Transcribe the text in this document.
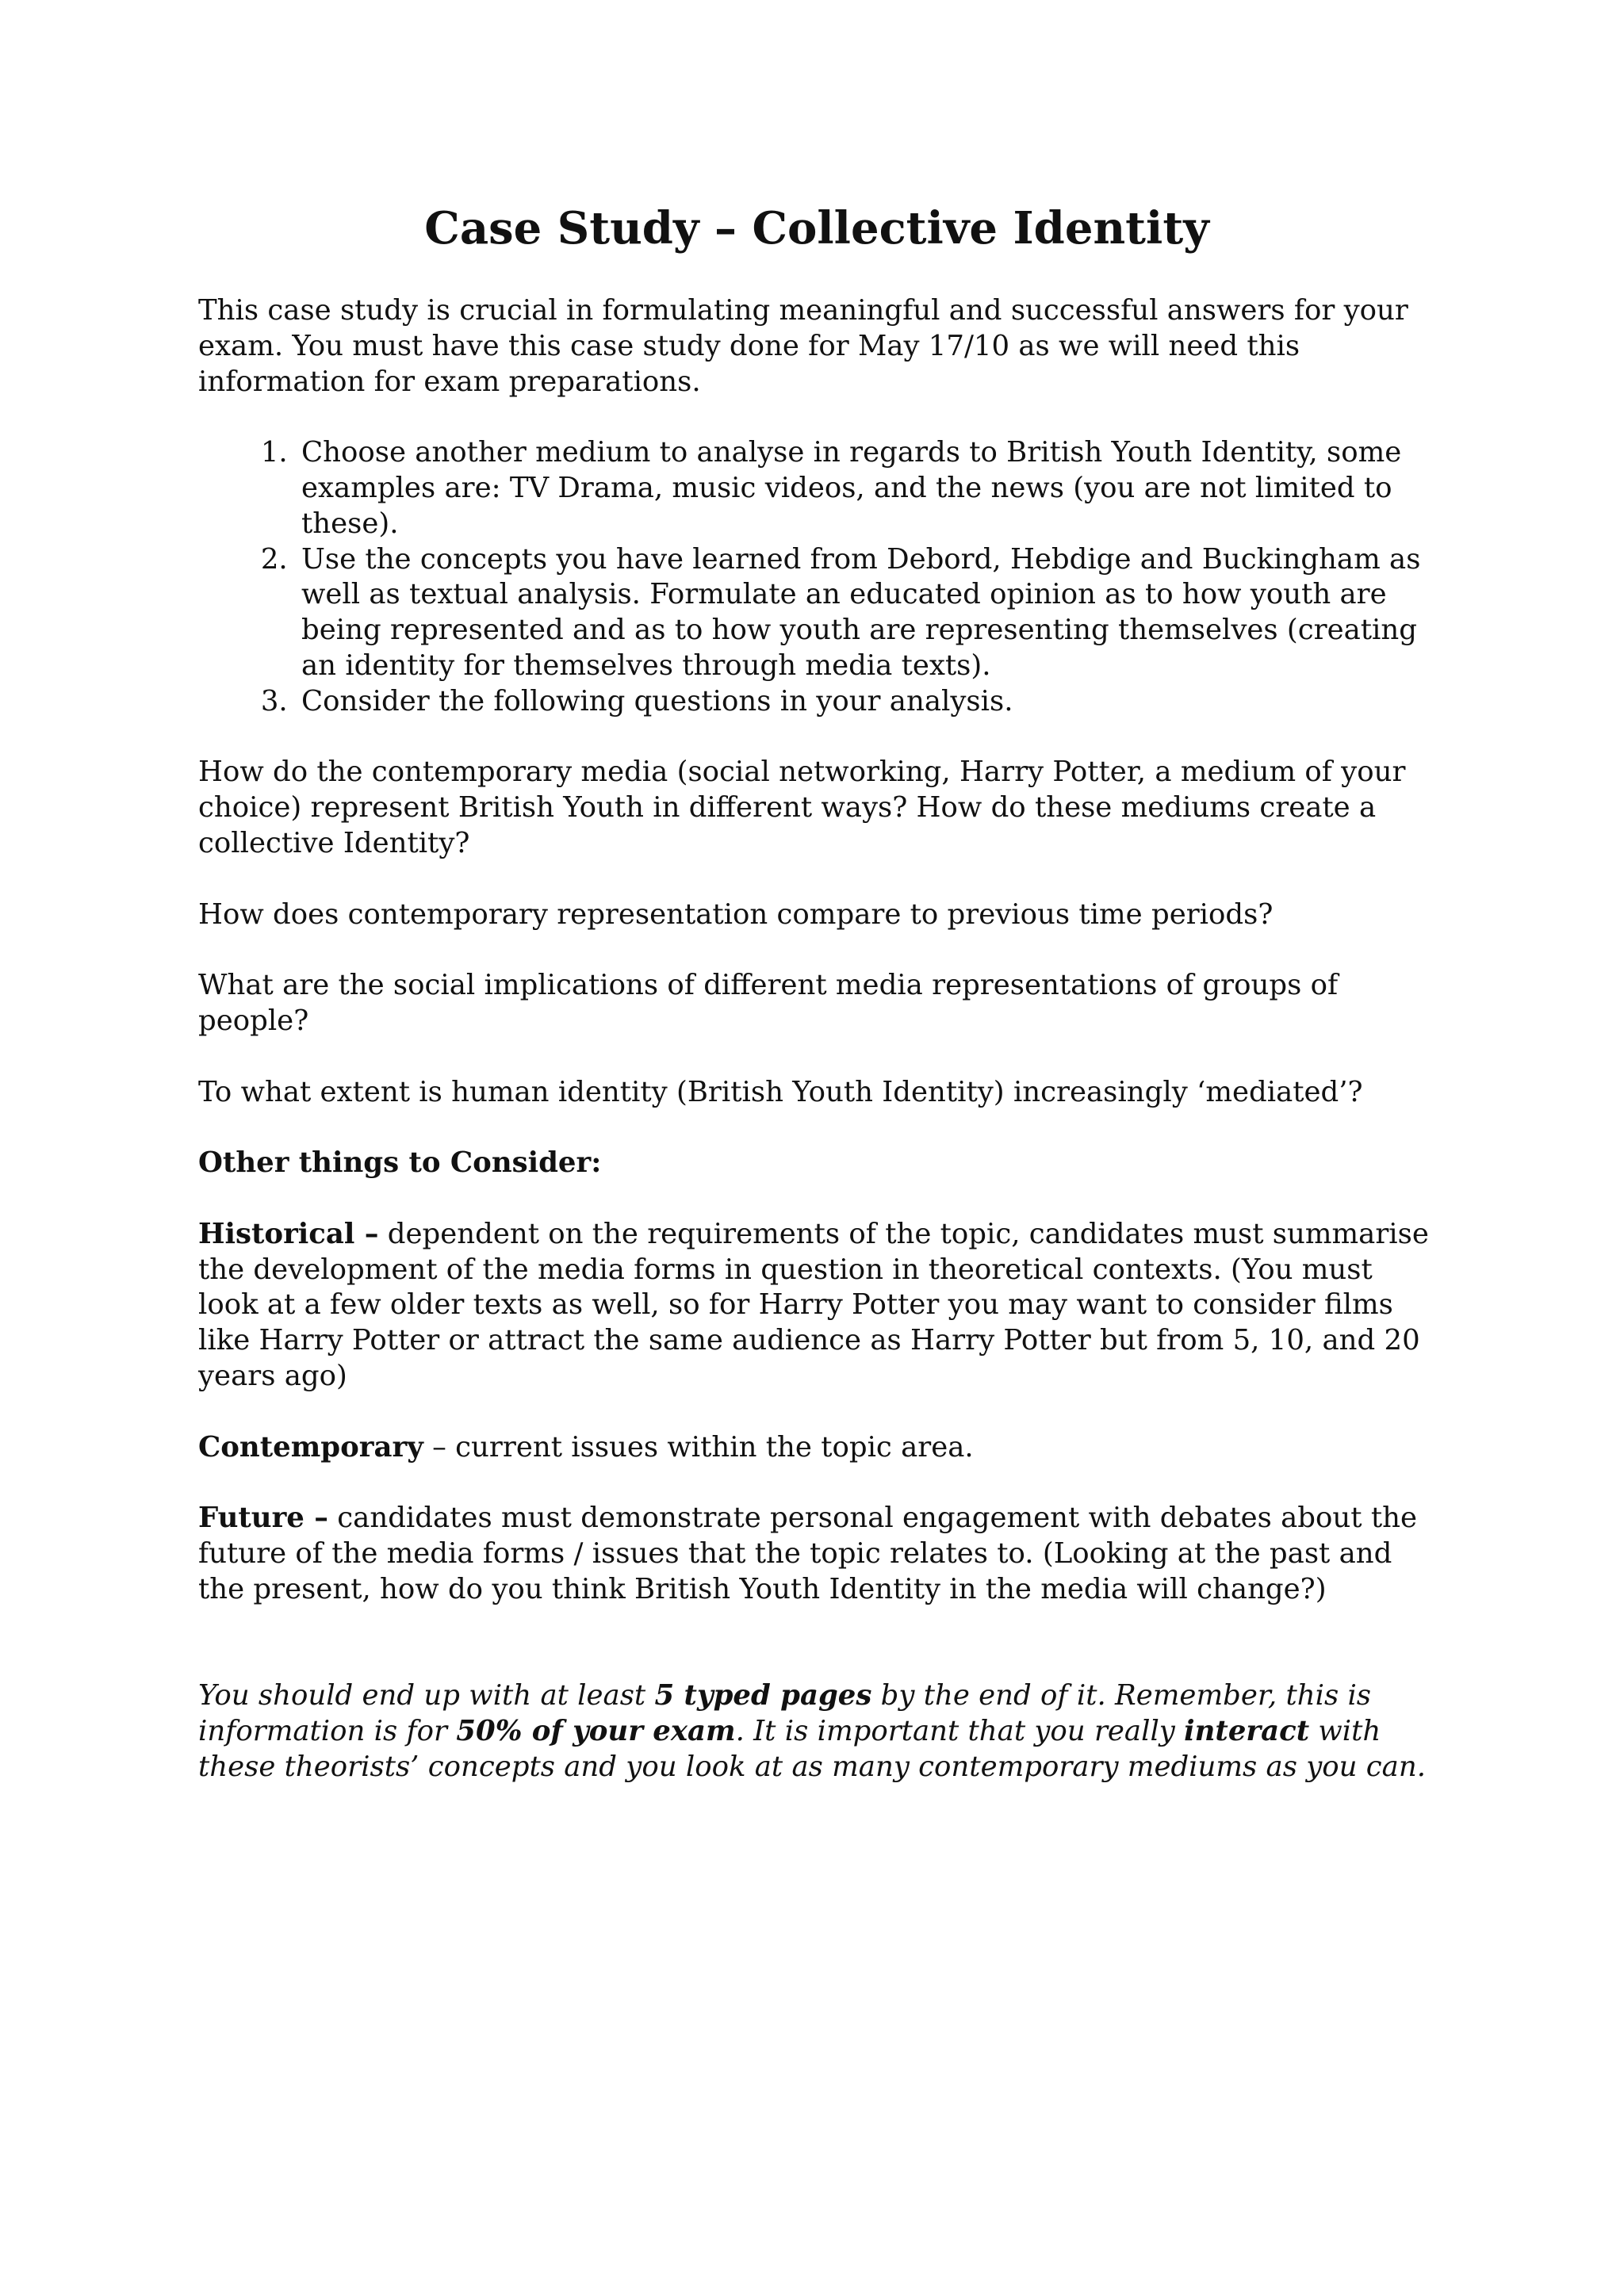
Case Study – Collective Identity

This case study is crucial in formulating meaningful and successful answers for your exam. You must have this case study done for May 17/10 as we will need this information for exam preparations.

1. Choose another medium to analyse in regards to British Youth Identity, some examples are: TV Drama, music videos, and the news (you are not limited to these).
2. Use the concepts you have learned from Debord, Hebdige and Buckingham as well as textual analysis. Formulate an educated opinion as to how youth are being represented and as to how youth are representing themselves (creating an identity for themselves through media texts).
3. Consider the following questions in your analysis.

How do the contemporary media (social networking, Harry Potter, a medium of your choice) represent British Youth in different ways? How do these mediums create a collective Identity?

How does contemporary representation compare to previous time periods?

What are the social implications of different media representations of groups of people?

To what extent is human identity (British Youth Identity) increasingly ‘mediated’?

Other things to Consider:

Historical – dependent on the requirements of the topic, candidates must summarise the development of the media forms in question in theoretical contexts. (You must look at a few older texts as well, so for Harry Potter you may want to consider films like Harry Potter or attract the same audience as Harry Potter but from 5, 10, and 20 years ago)

Contemporary – current issues within the topic area.

Future – candidates must demonstrate personal engagement with debates about the future of the media forms / issues that the topic relates to. (Looking at the past and the present, how do you think British Youth Identity in the media will change?)

You should end up with at least 5 typed pages by the end of it. Remember, this is information is for 50% of your exam. It is important that you really interact with these theorists’ concepts and you look at as many contemporary mediums as you can.
